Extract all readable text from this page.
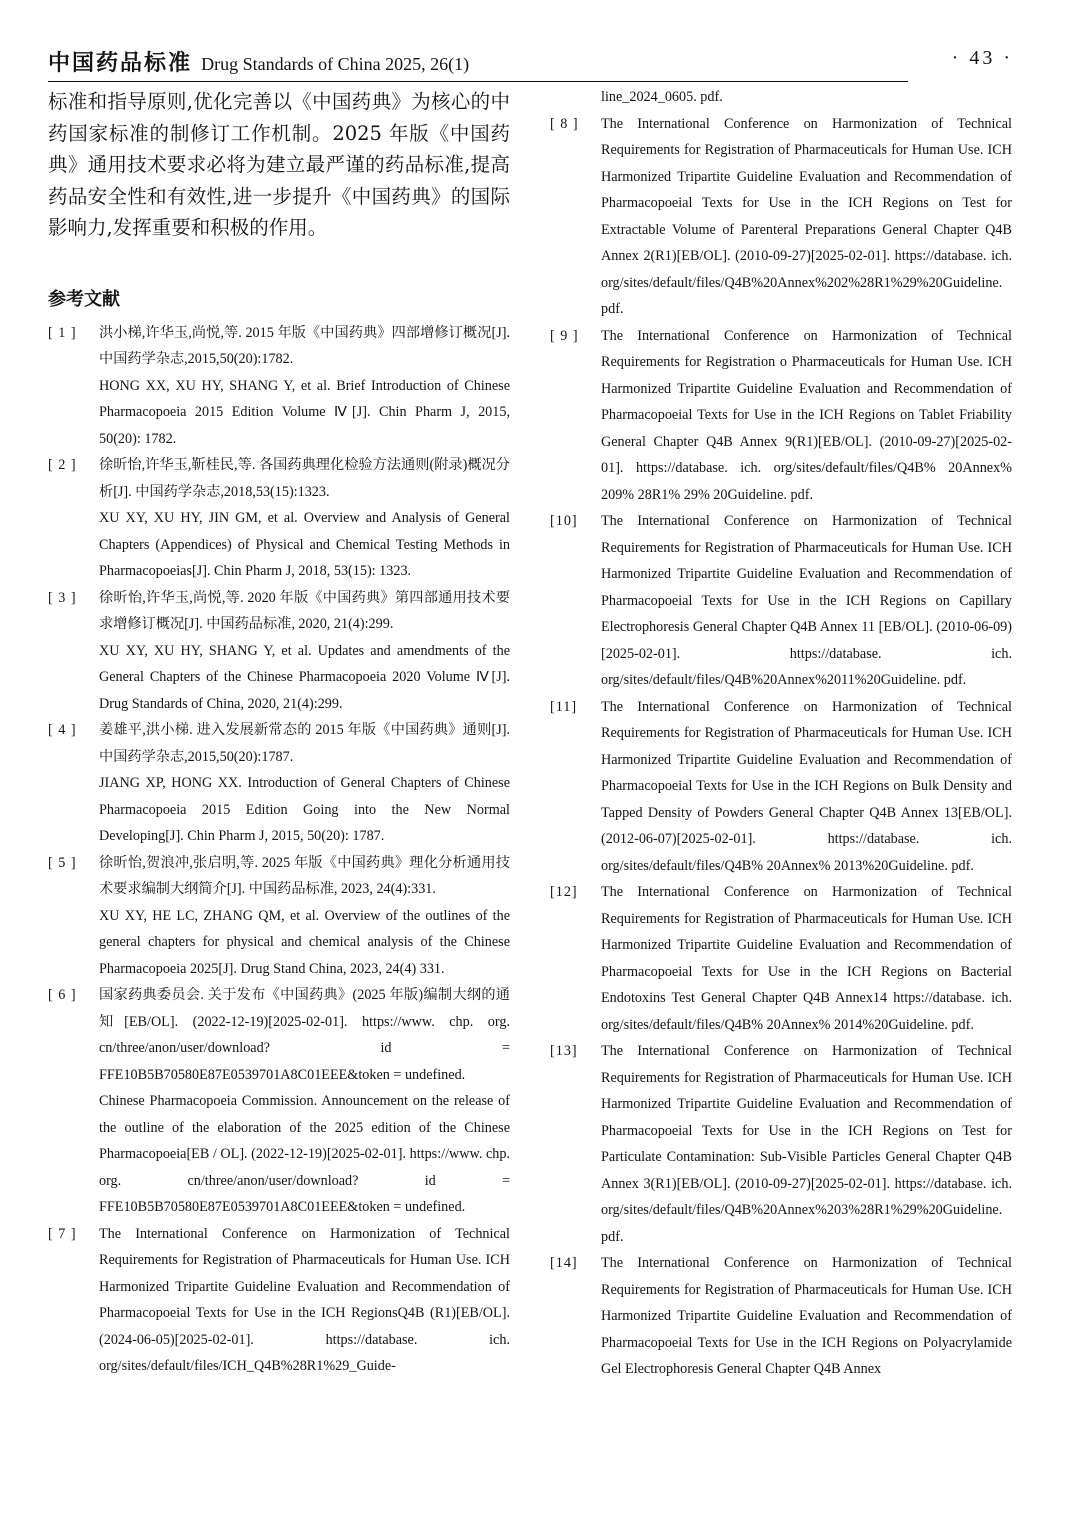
中国药品标准 Drug Standards of China 2025, 26(1)	· 43 ·

标准和指导原则,优化完善以《中国药典》为核心的中药国家标准的制修订工作机制。2025 年版《中国药典》通用技术要求必将为建立最严谨的药品标准,提高药品安全性和有效性,进一步提升《中国药典》的国际影响力,发挥重要和积极的作用。

参考文献
[ 1 ] 洪小梯,许华玉,尚悦,等. 2015 年版《中国药典》四部增修订概况[J]. 中国药学杂志,2015,50(20):1782.

HONG XX, XU HY, SHANG Y, et al. Brief Introduction of Chinese Pharmacopoeia 2015 Edition Volume Ⅳ[J]. Chin Pharm J, 2015, 50(20): 1782.

[ 2 ] 徐昕怡,许华玉,靳桂民,等. 各国药典理化检验方法通则(附录)概况分析[J]. 中国药学杂志,2018,53(15):1323.

XU XY, XU HY, JIN GM, et al. Overview and Analysis of General Chapters (Appendices) of Physical and Chemical Testing Methods in Pharmacopoeias[J]. Chin Pharm J, 2018, 53(15): 1323.

[ 3 ] 徐昕怡,许华玉,尚悦,等. 2020 年版《中国药典》第四部通用技术要求增修订概况[J]. 中国药品标准, 2020, 21(4):299.

XU XY, XU HY, SHANG Y, et al. Updates and amendments of the General Chapters of the Chinese Pharmacopoeia 2020 Volume Ⅳ[J]. Drug Standards of China, 2020, 21(4):299.

[ 4 ] 姜雄平,洪小梯. 进入发展新常态的 2015 年版《中国药典》通则[J]. 中国药学杂志,2015,50(20):1787.

JIANG XP, HONG XX. Introduction of General Chapters of Chinese Pharmacopoeia 2015 Edition Going into the New Normal Developing[J]. Chin Pharm J, 2015, 50(20): 1787.

[ 5 ] 徐昕怡,贺浪冲,张启明,等. 2025 年版《中国药典》理化分析通用技术要求编制大纲简介[J]. 中国药品标准, 2023, 24(4):331.

XU XY, HE LC, ZHANG QM, et al. Overview of the outlines of the general chapters for physical and chemical analysis of the Chinese Pharmacopoeia 2025[J]. Drug Stand China, 2023, 24(4) 331.

[ 6 ] 国家药典委员会. 关于发布《中国药典》(2025 年版)编制大纲的通知[EB/OL]. (2022-12-19)[2025-02-01]. https://www. chp. org. cn/three/anon/user/download? id = FFE10B5B70580E87E0539701A8C01EEE&token = undefined.

Chinese Pharmacopoeia Commission. Announcement on the release of the outline of the elaboration of the 2025 edition of the Chinese Pharmacopoeia[EB / OL]. (2022-12-19)[2025-02-01]. https://www. chp. org. cn/three/anon/user/download? id = FFE10B5B70580E87E0539701A8C01EEE&token = undefined.

[ 7 ] The International Conference on Harmonization of Technical Requirements for Registration of Pharmaceuticals for Human Use. ICH Harmonized Tripartite Guideline Evaluation and Recommendation of Pharmacopoeial Texts for Use in the ICH RegionsQ4B (R1)[EB/OL]. (2024-06-05)[2025-02-01]. https://database. ich. org/sites/default/files/ICH_Q4B%28R1%29_Guide-

line_2024_0605. pdf.

[ 8 ] The International Conference on Harmonization of Technical Requirements for Registration of Pharmaceuticals for Human Use. ICH Harmonized Tripartite Guideline Evaluation and Recommendation of Pharmacopoeial Texts for Use in the ICH Regions on Test for Extractable Volume of Parenteral Preparations General Chapter Q4B Annex 2(R1)[EB/OL]. (2010-09-27)[2025-02-01]. https://database. ich. org/sites/default/files/Q4B%20Annex%202%28R1%29%20Guideline. pdf.

[ 9 ] The International Conference on Harmonization of Technical Requirements for Registration o Pharmaceuticals for Human Use. ICH Harmonized Tripartite Guideline Evaluation and Recommendation of Pharmacopoeial Texts for Use in the ICH Regions on Tablet Friability General Chapter Q4B Annex 9(R1)[EB/OL]. (2010-09-27)[2025-02-01]. https://database. ich. org/sites/default/files/Q4B% 20Annex% 209% 28R1% 29% 20Guideline. pdf.

[10] The International Conference on Harmonization of Technical Requirements for Registration of Pharmaceuticals for Human Use. ICH Harmonized Tripartite Guideline Evaluation and Recommendation of Pharmacopoeial Texts for Use in the ICH Regions on Capillary Electrophoresis General Chapter Q4B Annex 11 [EB/OL]. (2010-06-09)[2025-02-01]. https://database. ich. org/sites/default/files/Q4B%20Annex%2011%20Guideline. pdf.

[11] The International Conference on Harmonization of Technical Requirements for Registration of Pharmaceuticals for Human Use. ICH Harmonized Tripartite Guideline Evaluation and Recommendation of Pharmacopoeial Texts for Use in the ICH Regions on Bulk Density and Tapped Density of Powders General Chapter Q4B Annex 13[EB/OL]. (2012-06-07)[2025-02-01]. https://database. ich. org/sites/default/files/Q4B% 20Annex% 2013%20Guideline. pdf.

[12] The International Conference on Harmonization of Technical Requirements for Registration of Pharmaceuticals for Human Use. ICH Harmonized Tripartite Guideline Evaluation and Recommendation of Pharmacopoeial Texts for Use in the ICH Regions on Bacterial Endotoxins Test General Chapter Q4B Annex14 https://database. ich. org/sites/default/files/Q4B% 20Annex% 2014%20Guideline. pdf.

[13] The International Conference on Harmonization of Technical Requirements for Registration of Pharmaceuticals for Human Use. ICH Harmonized Tripartite Guideline Evaluation and Recommendation of Pharmacopoeial Texts for Use in the ICH Regions on Test for Particulate Contamination: Sub-Visible Particles General Chapter Q4B Annex 3(R1)[EB/OL]. (2010-09-27)[2025-02-01]. https://database. ich. org/sites/default/files/Q4B%20Annex%203%28R1%29%20Guideline. pdf.

[14] The International Conference on Harmonization of Technical Requirements for Registration of Pharmaceuticals for Human Use. ICH Harmonized Tripartite Guideline Evaluation and Recommendation of Pharmacopoeial Texts for Use in the ICH Regions on Polyacrylamide Gel Electrophoresis General Chapter Q4B Annex
